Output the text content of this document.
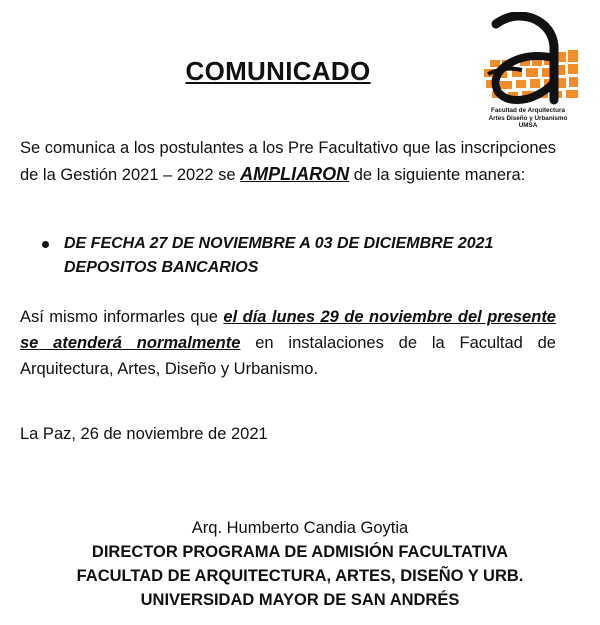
COMUNICADO
Facultad de Arquitectura
Artes Diseño y Urbanismo
UMSA
Se comunica a los postulantes a los Pre Facultativo que las inscripciones de la Gestión 2021 – 2022 se AMPLIARON de la siguiente manera:
DE FECHA 27 DE NOVIEMBRE A 03 DE DICIEMBRE 2021
DEPOSITOS BANCARIOS
Así mismo informarles que el día lunes 29 de noviembre del presente se atenderá normalmente en instalaciones de la Facultad de Arquitectura, Artes, Diseño y Urbanismo.
La Paz, 26 de noviembre de 2021
Arq. Humberto Candia Goytia
DIRECTOR PROGRAMA DE ADMISIÓN FACULTATIVA
FACULTAD DE ARQUITECTURA, ARTES, DISEÑO Y URB.
UNIVERSIDAD MAYOR DE SAN ANDRÉS
